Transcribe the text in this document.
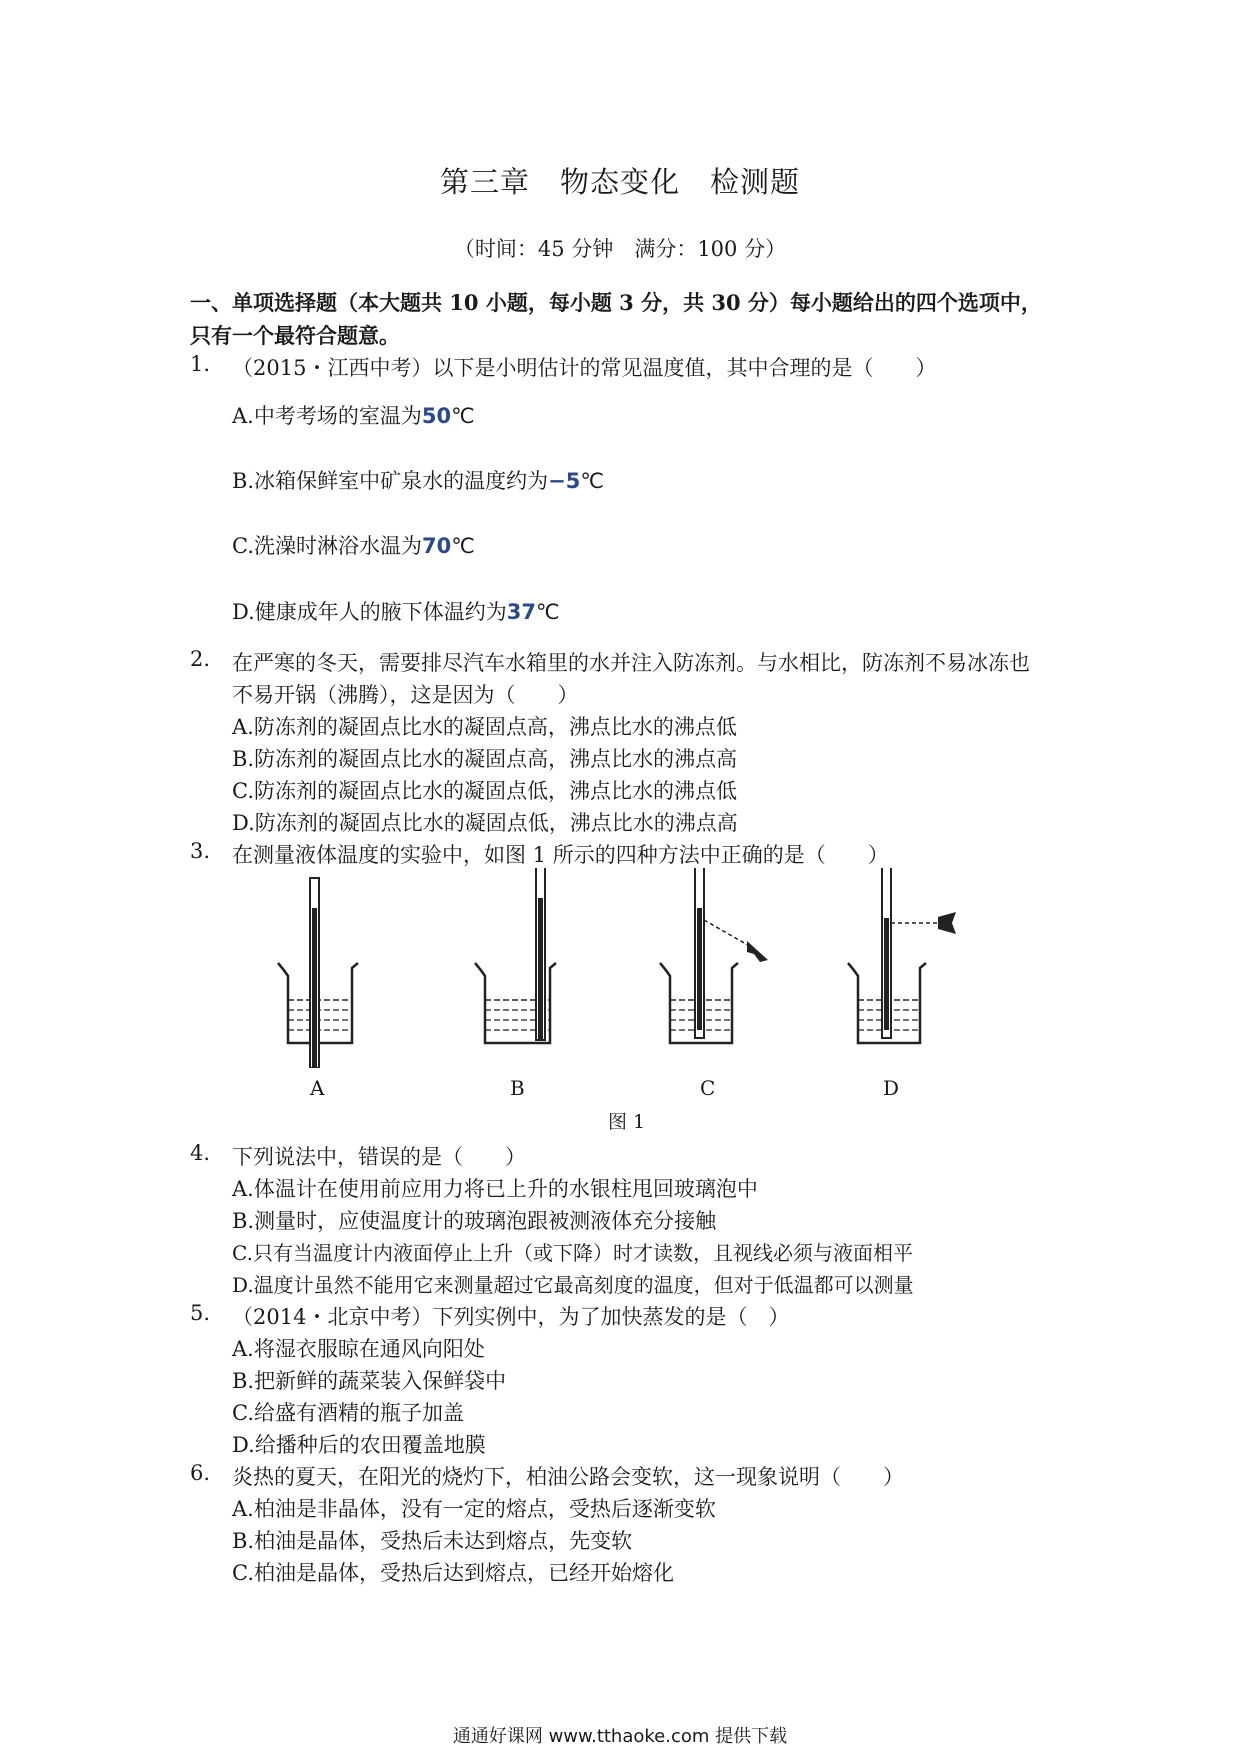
第三章　物态变化　检测题
（时间：45 分钟　满分：100 分）
一、单项选择题（本大题共 10 小题，每小题 3 分，共 30 分）每小题给出的四个选项中，
只有一个最符合题意。
1. （2015・江西中考）以下是小明估计的常见温度值，其中合理的是（　　）
A.中考考场的室温为50℃
B.冰箱保鲜室中矿泉水的温度约为−5℃
C.洗澡时淋浴水温为70℃
D.健康成年人的腋下体温约为37℃
2. 在严寒的冬天，需要排尽汽车水箱里的水并注入防冻剂。与水相比，防冻剂不易冰冻也
不易开锅（沸腾），这是因为（　　）
A.防冻剂的凝固点比水的凝固点高，沸点比水的沸点低
B.防冻剂的凝固点比水的凝固点高，沸点比水的沸点高
C.防冻剂的凝固点比水的凝固点低，沸点比水的沸点低
D.防冻剂的凝固点比水的凝固点低，沸点比水的沸点高
3. 在测量液体温度的实验中，如图 1 所示的四种方法中正确的是（　　）
A	B	C	D
图 1
4. 下列说法中，错误的是（　　）
A.体温计在使用前应用力将已上升的水银柱甩回玻璃泡中
B.测量时，应使温度计的玻璃泡跟被测液体充分接触
C.只有当温度计内液面停止上升（或下降）时才读数，且视线必须与液面相平
D.温度计虽然不能用它来测量超过它最高刻度的温度，但对于低温都可以测量
5. （2014・北京中考）下列实例中，为了加快蒸发的是（　）
A.将湿衣服晾在通风向阳处
B.把新鲜的蔬菜装入保鲜袋中
C.给盛有酒精的瓶子加盖
D.给播种后的农田覆盖地膜
6. 炎热的夏天，在阳光的烧灼下，柏油公路会变软，这一现象说明（　　）
A.柏油是非晶体，没有一定的熔点，受热后逐渐变软
B.柏油是晶体，受热后未达到熔点，先变软
C.柏油是晶体，受热后达到熔点，已经开始熔化
通通好课网 www.tthaoke.com 提供下载
